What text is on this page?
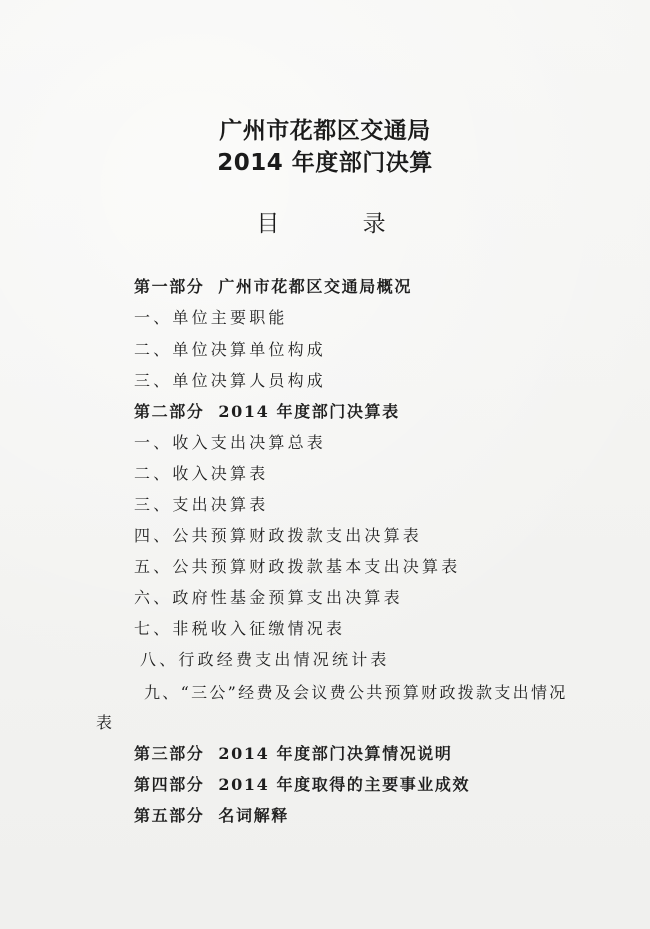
广州市花都区交通局
2014 年度部门决算
目 录
第一部分 广州市花都区交通局概况
一、单位主要职能
二、单位决算单位构成
三、单位决算人员构成
第二部分 2014 年度部门决算表
一、收入支出决算总表
二、收入决算表
三、支出决算表
四、公共预算财政拨款支出决算表
五、公共预算财政拨款基本支出决算表
六、政府性基金预算支出决算表
七、非税收入征缴情况表
八、行政经费支出情况统计表
九、“三公”经费及会议费公共预算财政拨款支出情况
表
第三部分 2014 年度部门决算情况说明
第四部分 2014 年度取得的主要事业成效
第五部分 名词解释
